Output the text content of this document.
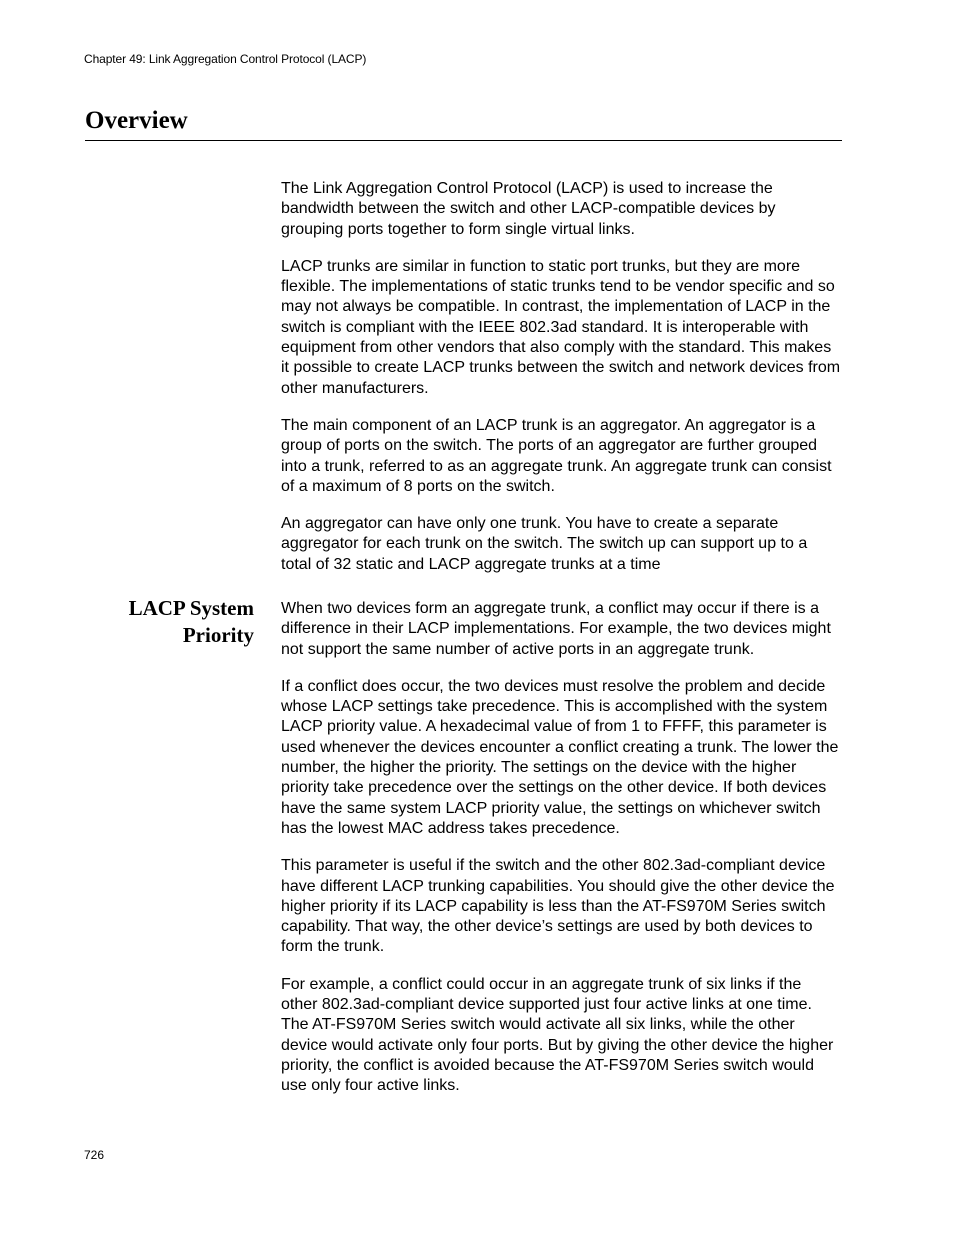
Chapter 49: Link Aggregation Control Protocol (LACP)
Overview

The Link Aggregation Control Protocol (LACP) is used to increase the bandwidth between the switch and other LACP-compatible devices by grouping ports together to form single virtual links.

LACP trunks are similar in function to static port trunks, but they are more flexible. The implementations of static trunks tend to be vendor specific and so may not always be compatible. In contrast, the implementation of LACP in the switch is compliant with the IEEE 802.3ad standard. It is interoperable with equipment from other vendors that also comply with the standard. This makes it possible to create LACP trunks between the switch and network devices from other manufacturers.

The main component of an LACP trunk is an aggregator. An aggregator is a group of ports on the switch. The ports of an aggregator are further grouped into a trunk, referred to as an aggregate trunk. An aggregate trunk can consist of a maximum of 8 ports on the switch.

An aggregator can have only one trunk. You have to create a separate aggregator for each trunk on the switch. The switch up can support up to a total of 32 static and LACP aggregate trunks at a time

LACP System
Priority

When two devices form an aggregate trunk, a conflict may occur if there is a difference in their LACP implementations. For example, the two devices might not support the same number of active ports in an aggregate trunk.

If a conflict does occur, the two devices must resolve the problem and decide whose LACP settings take precedence. This is accomplished with the system LACP priority value. A hexadecimal value of from 1 to FFFF, this parameter is used whenever the devices encounter a conflict creating a trunk. The lower the number, the higher the priority. The settings on the device with the higher priority take precedence over the settings on the other device. If both devices have the same system LACP priority value, the settings on whichever switch has the lowest MAC address takes precedence.

This parameter is useful if the switch and the other 802.3ad-compliant device have different LACP trunking capabilities. You should give the other device the higher priority if its LACP capability is less than the AT-FS970M Series switch capability. That way, the other device’s settings are used by both devices to form the trunk.

For example, a conflict could occur in an aggregate trunk of six links if the other 802.3ad-compliant device supported just four active links at one time. The AT-FS970M Series switch would activate all six links, while the other device would activate only four ports. But by giving the other device the higher priority, the conflict is avoided because the AT-FS970M Series switch would use only four active links.

726
